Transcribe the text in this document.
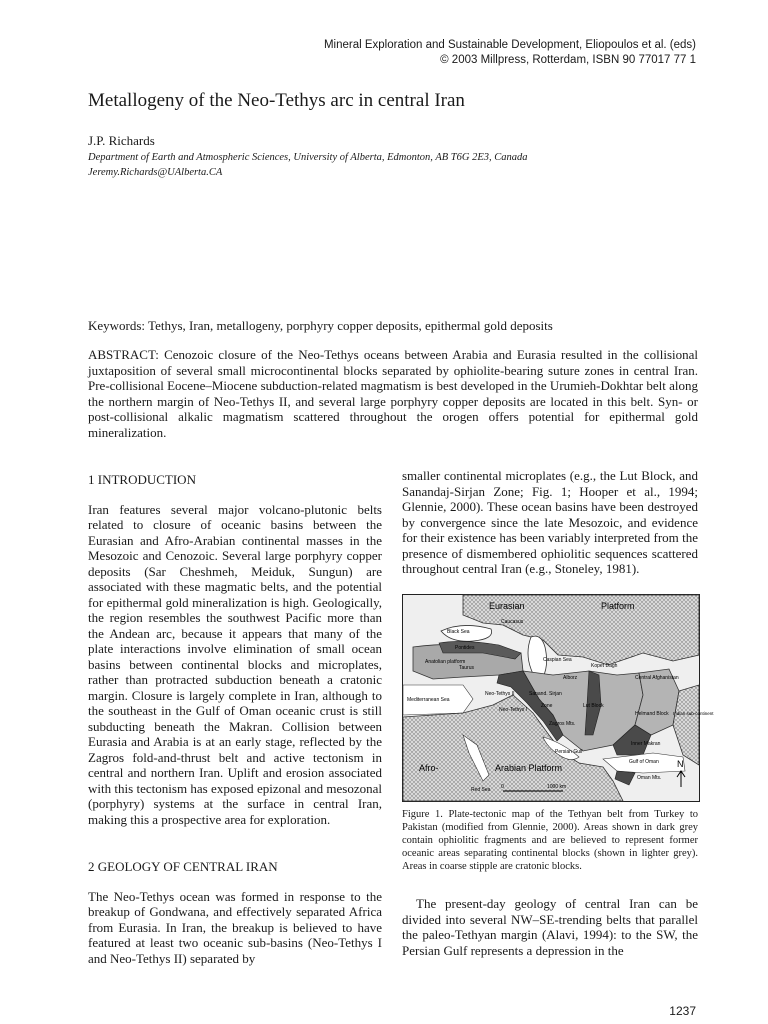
Mineral Exploration and Sustainable Development, Eliopoulos et al. (eds)
© 2003 Millpress, Rotterdam, ISBN 90 77017 77 1
Metallogeny of the Neo-Tethys arc in central Iran
J.P. Richards
Department of Earth and Atmospheric Sciences, University of Alberta, Edmonton, AB T6G 2E3, Canada
Jeremy.Richards@UAlberta.CA
Keywords: Tethys, Iran, metallogeny, porphyry copper deposits, epithermal gold deposits

ABSTRACT: Cenozoic closure of the Neo-Tethys oceans between Arabia and Eurasia resulted in the collisional juxtaposition of several small microcontinental blocks separated by ophiolite-bearing suture zones in central Iran. Pre-collisional Eocene–Miocene subduction-related magmatism is best developed in the Urumieh-Dokhtar belt along the northern margin of Neo-Tethys II, and several large porphyry copper deposits are located in this belt. Syn- or post-collisional alkalic magmatism scattered throughout the orogen offers potential for epithermal gold mineralization.

1 INTRODUCTION

Iran features several major volcano-plutonic belts related to closure of oceanic basins between the Eurasian and Afro-Arabian continental masses in the Mesozoic and Cenozoic. Several large porphyry copper deposits (Sar Cheshmeh, Meiduk, Sungun) are associated with these magmatic belts, and the potential for epithermal gold mineralization is high. Geologically, the region resembles the southwest Pacific more than the Andean arc, because it appears that many of the plate interactions involve elimination of small ocean basins between continental blocks and microplates, rather than protracted subduction beneath a cratonic margin. Closure is largely complete in Iran, although to the southeast in the Gulf of Oman oceanic crust is still subducting beneath the Makran. Collision between Eurasia and Arabia is at an early stage, reflected by the Zagros fold-and-thrust belt and active tectonism in central and northern Iran. Uplift and erosion associated with this tectonism has exposed epizonal and mesozonal (porphyry) systems at the surface in central Iran, making this a prospective area for exploration.

2 GEOLOGY OF CENTRAL IRAN

The Neo-Tethys ocean was formed in response to the breakup of Gondwana, and effectively separated Africa from Eurasia. In Iran, the breakup is believed to have featured at least two oceanic sub-basins (Neo-Tethys I and Neo-Tethys II) separated by

smaller continental microplates (e.g., the Lut Block, and Sanandaj-Sirjan Zone; Fig. 1; Hooper et al., 1994; Glennie, 2000). These ocean basins have been destroyed by convergence since the late Mesozoic, and evidence for their existence has been variably interpreted from the presence of dismembered ophiolitic sequences scattered throughout central Iran (e.g., Stoneley, 1981).

Eurasian	Platform
Caucasus
Black Sea
Pontides
Anatolian platform
Taurus
Caspian Sea
Kopet Dagh
Alborz	Central Afghanistan
Neo-Tethys II
Neo-Tethys I
Sanand. Sirjan
Zone	Lut Block
Zagros Mts.
Helmand Block Indian sub-continent
Mediterranean Sea
Inner Makran
Persian Gulf
Gulf of Oman
Oman Mts.
Afro-	Arabian Platform
Red Sea 0	1000 km
N
Figure 1. Plate-tectonic map of the Tethyan belt from Turkey to Pakistan (modified from Glennie, 2000). Areas shown in dark grey contain ophiolitic fragments and are believed to represent former oceanic areas separating continental blocks (shown in lighter grey). Areas in coarse stipple are cratonic blocks.

The present-day geology of central Iran can be divided into several NW–SE-trending belts that parallel the paleo-Tethyan margin (Alavi, 1994): to the SW, the Persian Gulf represents a depression in the

1237
